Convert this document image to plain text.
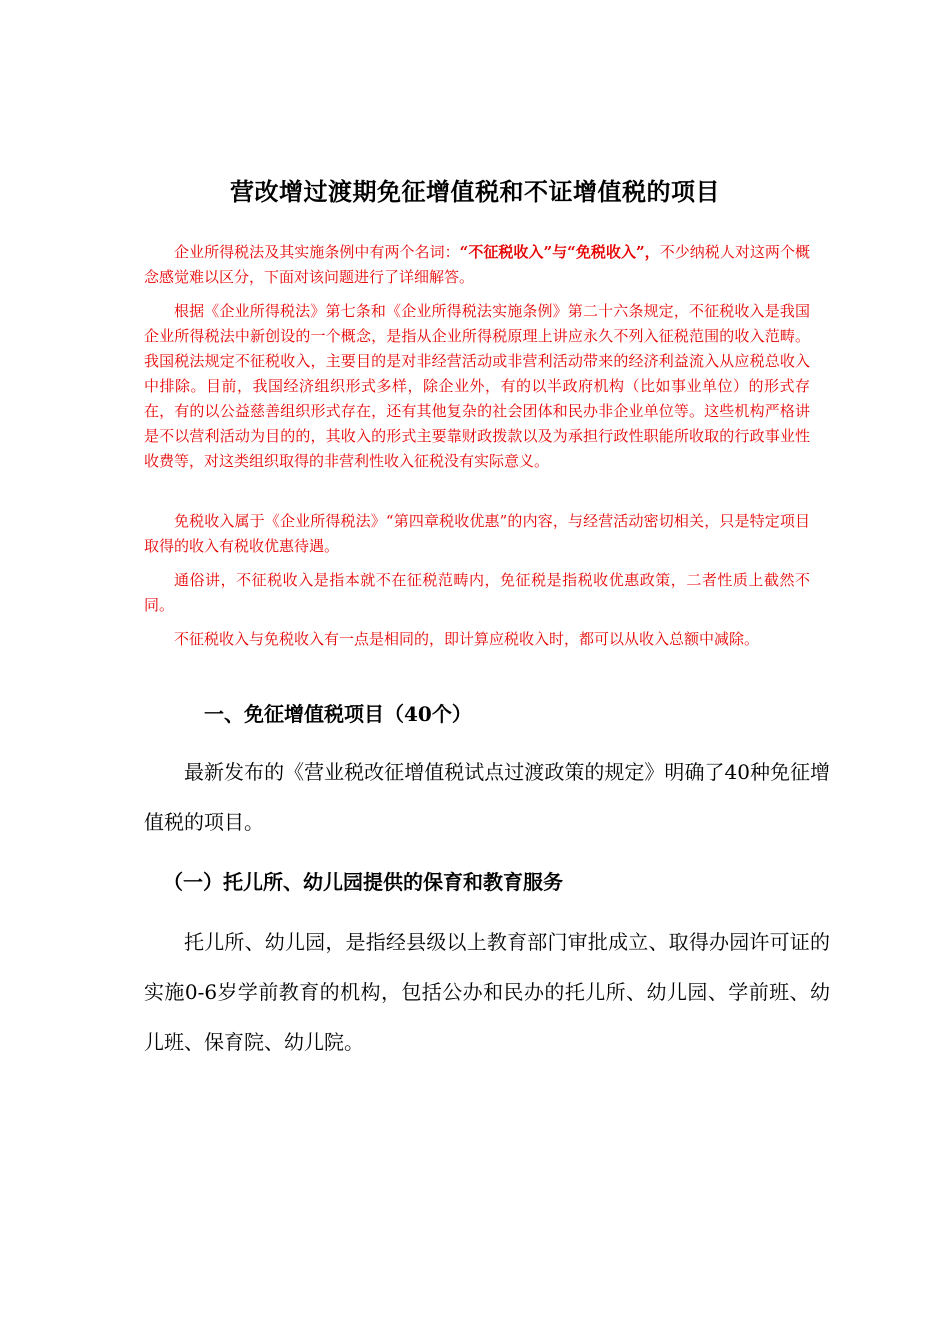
营改增过渡期免征增值税和不证增值税的项目

企业所得税法及其实施条例中有两个名词：“不征税收入”与“免税收入”，不少纳税人对这两个概念感觉难以区分，下面对该问题进行了详细解答。

根据《企业所得税法》第七条和《企业所得税法实施条例》第二十六条规定，不征税收入是我国企业所得税法中新创设的一个概念，是指从企业所得税原理上讲应永久不列入征税范围的收入范畴。我国税法规定不征税收入，主要目的是对非经营活动或非营利活动带来的经济利益流入从应税总收入中排除。目前，我国经济组织形式多样，除企业外，有的以半政府机构（比如事业单位）的形式存在，有的以公益慈善组织形式存在，还有其他复杂的社会团体和民办非企业单位等。这些机构严格讲是不以营利活动为目的的，其收入的形式主要靠财政拨款以及为承担行政性职能所收取的行政事业性收费等，对这类组织取得的非营利性收入征税没有实际意义。

免税收入属于《企业所得税法》“第四章税收优惠”的内容，与经营活动密切相关，只是特定项目取得的收入有税收优惠待遇。

通俗讲，不征税收入是指本就不在征税范畴内，免征税是指税收优惠政策，二者性质上截然不同。

不征税收入与免税收入有一点是相同的，即计算应税收入时，都可以从收入总额中减除。

一、免征增值税项目（40个）

最新发布的《营业税改征增值税试点过渡政策的规定》明确了40种免征增值税的项目。

（一）托儿所、幼儿园提供的保育和教育服务

托儿所、幼儿园，是指经县级以上教育部门审批成立、取得办园许可证的实施0-6岁学前教育的机构，包括公办和民办的托儿所、幼儿园、学前班、幼儿班、保育院、幼儿院。
